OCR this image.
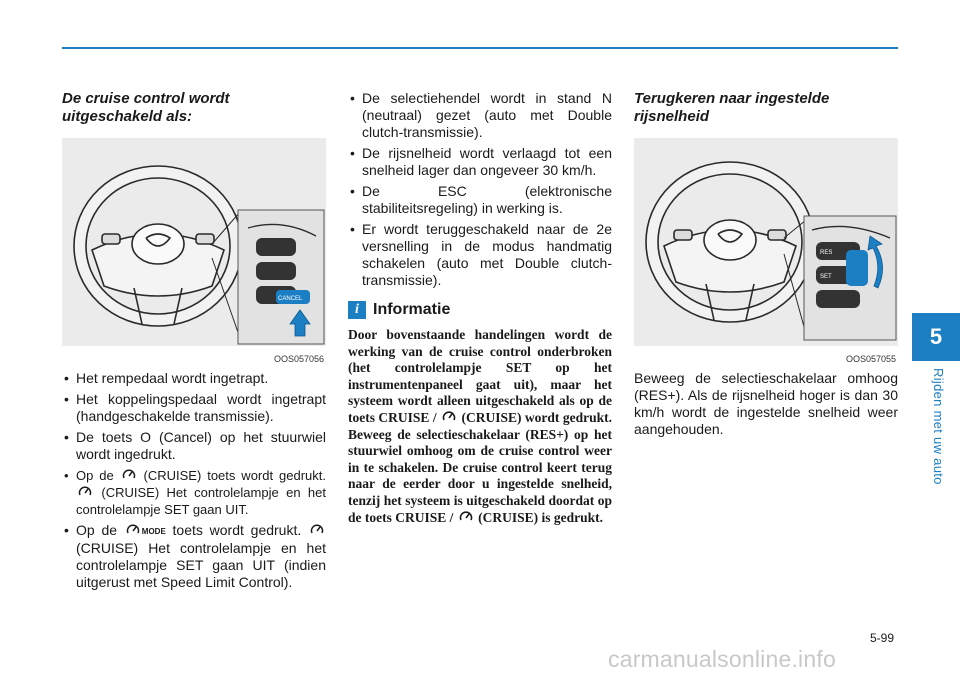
5
Rijden met uw auto
De cruise control wordt uitgeschakeld als:
CANCEL
OOS057056
• Het rempedaal wordt ingetrapt.
• Het koppelingspedaal wordt ingetrapt (handgeschakelde transmissie).
• De toets O (Cancel) op het stuurwiel wordt ingedrukt.
• Op de (CRUISE) toets wordt gedrukt.  (CRUISE) Het controlelampje en het controlelampje SET gaan UIT.
• Op de	MODE toets wordt gedrukt.  (CRUISE) Het controlelampje en het controlelampje SET gaan UIT (indien uitgerust met Speed Limit Control).
• De selectiehendel wordt in stand N (neutraal) gezet (auto met Double clutch-transmissie).
• De rijsnelheid wordt verlaagd tot een snelheid lager dan ongeveer 30 km/h.
• De ESC (elektronische stabiliteitsregeling) in werking is.
• Er wordt teruggeschakeld naar de 2e versnelling in de modus handmatig schakelen (auto met Double clutch-transmissie).
i Informatie
Door bovenstaande handelingen wordt de werking van de cruise control onderbroken (het controlelampje SET op het instrumentenpaneel gaat uit), maar het systeem wordt alleen uitgeschakeld als op de toets CRUISE / (CRUISE) wordt gedrukt. Beweeg de selectieschakelaar (RES+) op het stuurwiel omhoog om de cruise control weer in te schakelen. De cruise control keert terug naar de eerder door u ingestelde snelheid, tenzij het systeem is uitgeschakeld doordat op de toets CRUISE / (CRUISE) is gedrukt.
Terugkeren naar ingestelde rijsnelheid
RES
SET
OOS057055

Beweeg de selectieschakelaar omhoog (RES+). Als de rijsnelheid hoger is dan 30 km/h wordt de ingestelde snelheid weer aangehouden.

5-99
carmanualsonline.info
